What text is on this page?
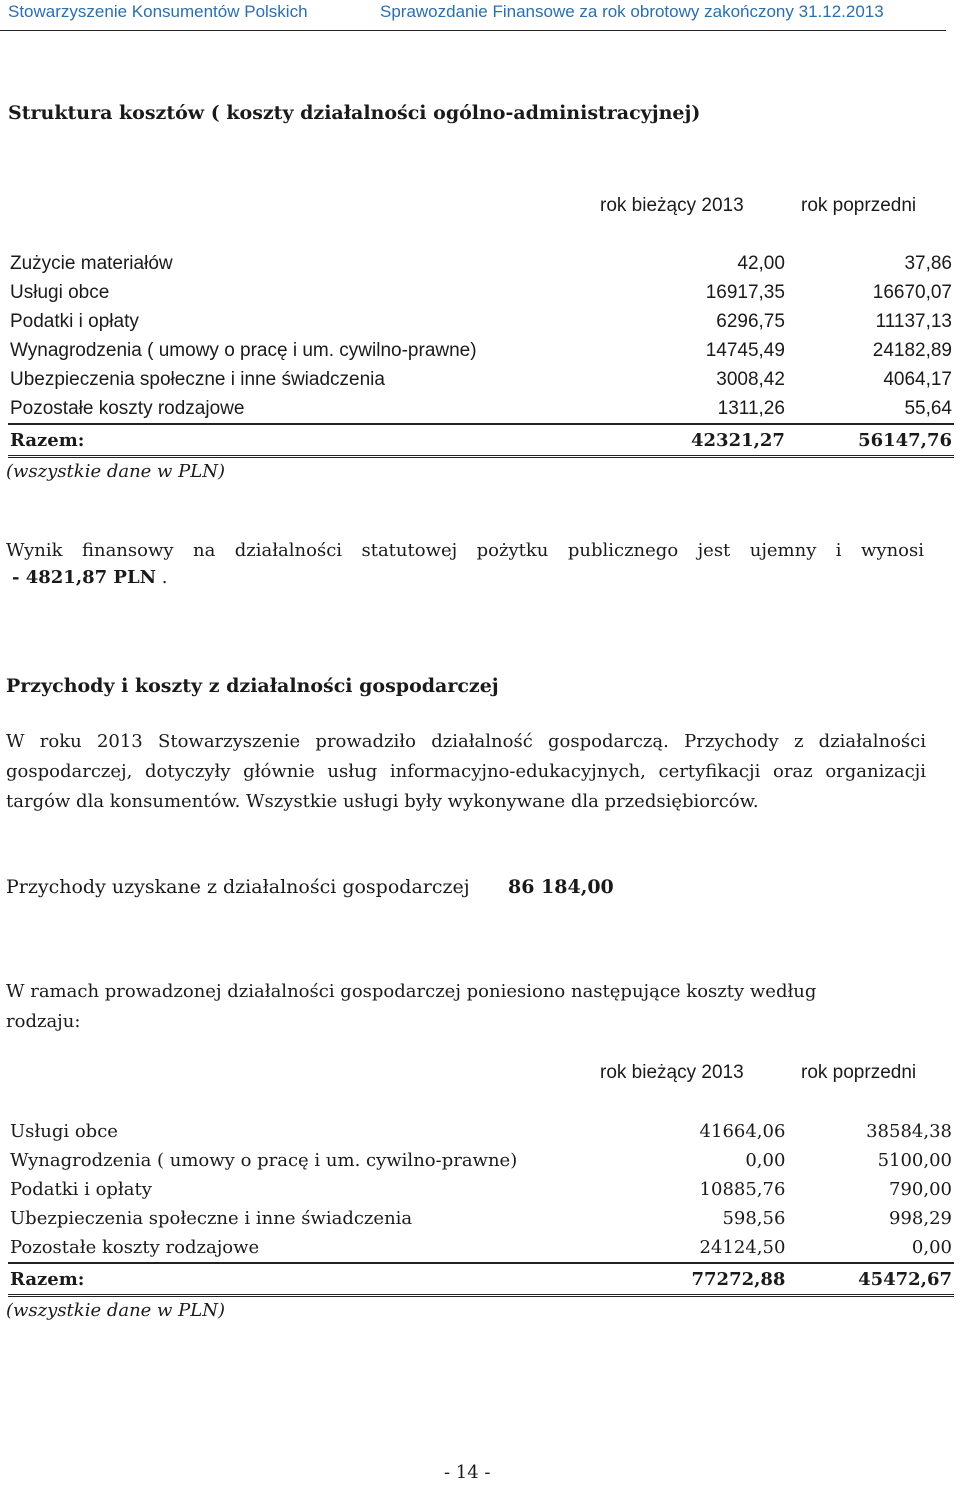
Stowarzyszenie Konsumentów Polskich	Sprawozdanie Finansowe za rok obrotowy zakończony 31.12.2013
Struktura kosztów ( koszty działalności ogólno-administracyjnej)
rok bieżący 2013	rok poprzedni
Zużycie materiałów	42,00	37,86
Usługi obce	16917,35	16670,07
Podatki i opłaty	6296,75	11137,13
Wynagrodzenia ( umowy o pracę i um. cywilno-prawne)	14745,49	24182,89
Ubezpieczenia społeczne i inne świadczenia	3008,42	4064,17
Pozostałe koszty rodzajowe	1311,26	55,64
Razem:	42321,27	56147,76
(wszystkie dane w PLN)
Wynik finansowy na działalności statutowej pożytku publicznego jest ujemny i wynosi
- 4821,87 PLN .
Przychody i koszty z działalności gospodarczej
W roku 2013 Stowarzyszenie prowadziło działalność gospodarczą. Przychody z działalności gospodarczej, dotyczyły głównie usług informacyjno-edukacyjnych, certyfikacji oraz organizacji targów dla konsumentów. Wszystkie usługi były wykonywane dla przedsiębiorców.
Przychody uzyskane z działalności gospodarczej 86 184,00
W ramach prowadzonej działalności gospodarczej poniesiono następujące koszty według rodzaju:
rok bieżący 2013	rok poprzedni
Usługi obce	41664,06	38584,38
Wynagrodzenia ( umowy o pracę i um. cywilno-prawne)	0,00	5100,00
Podatki i opłaty	10885,76	790,00
Ubezpieczenia społeczne i inne świadczenia	598,56	998,29
Pozostałe koszty rodzajowe	24124,50	0,00
Razem:	77272,88	45472,67
(wszystkie dane w PLN)
- 14 -
